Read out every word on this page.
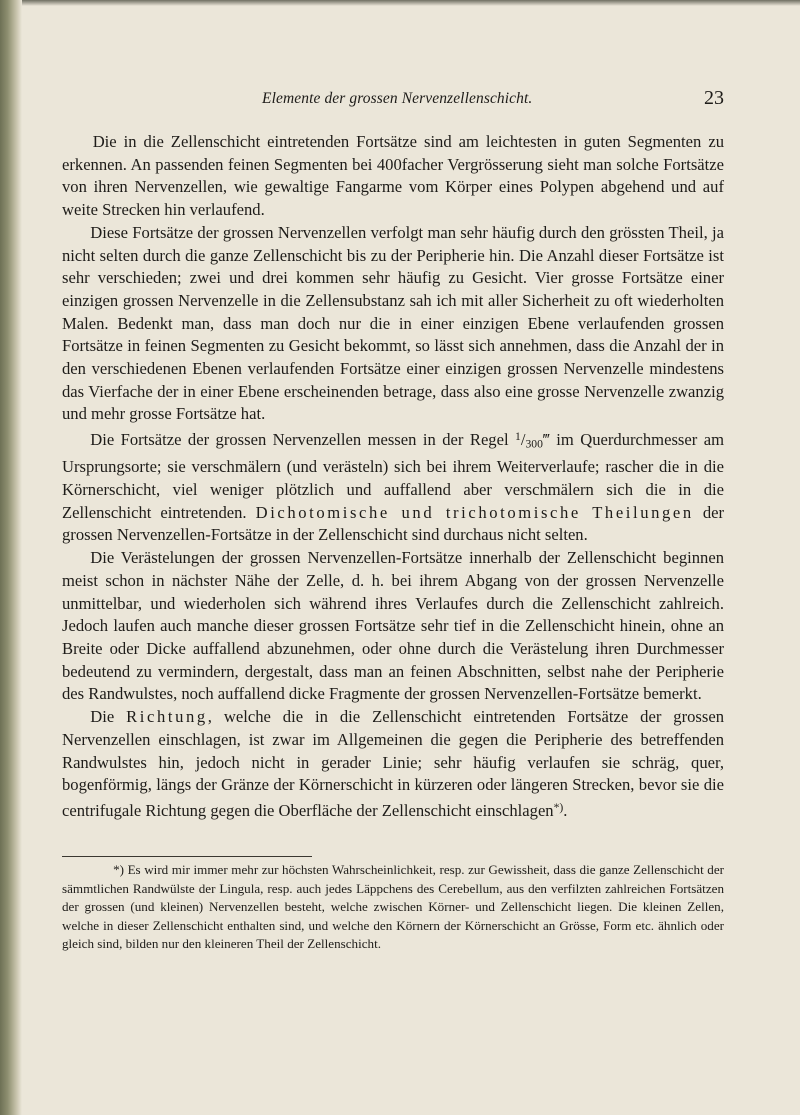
Elemente der grossen Nervenzellenschicht.	23

Die in die Zellenschicht eintretenden Fortsätze sind am leichtesten in guten Segmenten zu erkennen. An passenden feinen Segmenten bei 400facher Vergrösserung sieht man solche Fortsätze von ihren Nervenzellen, wie gewaltige Fangarme vom Körper eines Polypen abgehend und auf weite Strecken hin verlaufend.

Diese Fortsätze der grossen Nervenzellen verfolgt man sehr häufig durch den grössten Theil, ja nicht selten durch die ganze Zellenschicht bis zu der Peripherie hin. Die Anzahl dieser Fortsätze ist sehr verschieden; zwei und drei kommen sehr häufig zu Gesicht. Vier grosse Fortsätze einer einzigen grossen Nervenzelle in die Zellensubstanz sah ich mit aller Sicherheit zu oft wiederholten Malen. Bedenkt man, dass man doch nur die in einer einzigen Ebene verlaufenden grossen Fortsätze in feinen Segmenten zu Gesicht bekommt, so lässt sich annehmen, dass die Anzahl der in den verschiedenen Ebenen verlaufenden Fortsätze einer einzigen grossen Nervenzelle mindestens das Vierfache der in einer Ebene erscheinenden betrage, dass also eine grosse Nervenzelle zwanzig und mehr grosse Fortsätze hat.

Die Fortsätze der grossen Nervenzellen messen in der Regel $^1/_{300}‴$ im Querdurchmesser am Ursprungsorte; sie verschmälern (und verästeln) sich bei ihrem Weiterverlaufe; rascher die in die Körnerschicht, viel weniger plötzlich und auffallend aber verschmälern sich die in die Zellenschicht eintretenden. Dichotomische und trichotomische Theilungen der grossen Nervenzellen-Fortsätze in der Zellenschicht sind durchaus nicht selten.

Die Verästelungen der grossen Nervenzellen-Fortsätze innerhalb der Zellenschicht beginnen meist schon in nächster Nähe der Zelle, d. h. bei ihrem Abgang von der grossen Nervenzelle unmittelbar, und wiederholen sich während ihres Verlaufes durch die Zellenschicht zahlreich. Jedoch laufen auch manche dieser grossen Fortsätze sehr tief in die Zellenschicht hinein, ohne an Breite oder Dicke auffallend abzunehmen, oder ohne durch die Verästelung ihren Durchmesser bedeutend zu vermindern, dergestalt, dass man an feinen Abschnitten, selbst nahe der Peripherie des Randwulstes, noch auffallend dicke Fragmente der grossen Nervenzellen-Fortsätze bemerkt.

Die Richtung, welche die in die Zellenschicht eintretenden Fortsätze der grossen Nervenzellen einschlagen, ist zwar im Allgemeinen die gegen die Peripherie des betreffenden Randwulstes hin, jedoch nicht in gerader Linie; sehr häufig verlaufen sie schräg, quer, bogenförmig, längs der Gränze der Körnerschicht in kürzeren oder längeren Strecken, bevor sie die centrifugale Richtung gegen die Oberfläche der Zellenschicht einschlagen*).

*) Es wird mir immer mehr zur höchsten Wahrscheinlichkeit, resp. zur Gewissheit, dass die ganze Zellenschicht der sämmtlichen Randwülste der Lingula, resp. auch jedes Läppchens des Cerebellum, aus den verfilzten zahlreichen Fortsätzen der grossen (und kleinen) Nervenzellen besteht, welche zwischen Körner- und Zellenschicht liegen. Die kleinen Zellen, welche in dieser Zellenschicht enthalten sind, und welche den Körnern der Körnerschicht an Grösse, Form etc. ähnlich oder gleich sind, bilden nur den kleineren Theil der Zellenschicht.
